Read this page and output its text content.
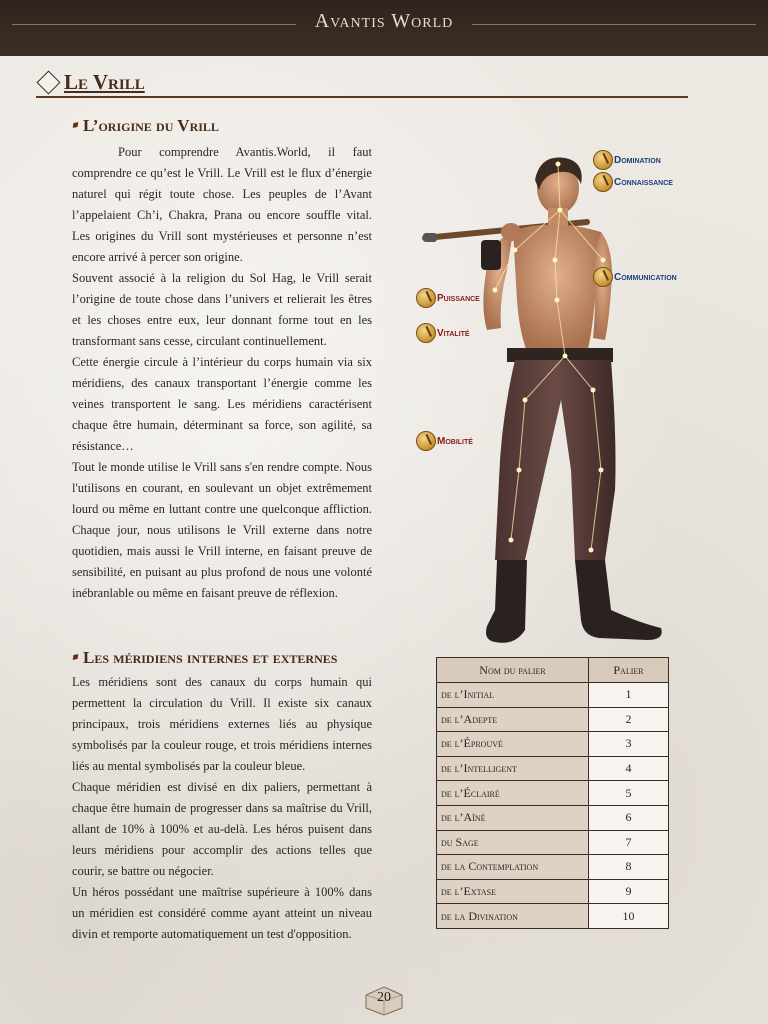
Avantis World
Le Vrill
L’origine du Vrill

Pour comprendre Avantis.World, il faut comprendre ce qu’est le Vrill. Le Vrill est le flux d’énergie naturel qui régit toute chose. Les peuples de l’Avant l’appelaient Ch’i, Chakra, Prana ou encore souffle vital. Les origines du Vrill sont mystérieuses et personne n’est encore arrivé à percer son origine.

Souvent associé à la religion du Sol Hag, le Vrill serait l’origine de toute chose dans l’univers et relierait les êtres et les choses entre eux, leur donnant forme tout en les transformant sans cesse, circulant continuellement.

Cette énergie circule à l’intérieur du corps humain via six méridiens, des canaux transportant l’énergie comme les veines transportent le sang. Les méridiens caractérisent chaque être humain, déterminant sa force, son agilité, sa résistance…

Tout le monde utilise le Vrill sans s'en rendre compte. Nous l'utilisons en courant, en soulevant un objet extrêmement lourd ou même en luttant contre une quelconque affliction. Chaque jour, nous utilisons le Vrill externe dans notre quotidien, mais aussi le Vrill interne, en faisant preuve de sensibilité, en puisant au plus profond de nous une volonté inébranlable ou même en faisant preuve de réflexion.

Les méridiens internes et externes

Les méridiens sont des canaux du corps humain qui permettent la circulation du Vrill. Il existe six canaux principaux, trois méridiens externes liés au physique symbolisés par la couleur rouge, et trois méridiens internes liés au mental symbolisés par la couleur bleue.

Chaque méridien est divisé en dix paliers, permettant à chaque être humain de progresser dans sa maîtrise du Vrill, allant de 10% à 100% et au-delà. Les héros puisent dans leurs méridiens pour accomplir des actions telles que courir, se battre ou négocier.

Un héros possédant une maîtrise supérieure à 100% dans un méridien est considéré comme ayant atteint un niveau divin et remporte automatiquement un test d'opposition.

Domination
Connaissance
Communication
Puissance
Vitalité
Mobilité
Nom du palier	Palier
de l’Initial	1
de l’Adepte	2
de l’Éprouvé	3
de l’Intelligent	4
de l’Éclairé	5
de l’Aîné	6
du Sage	7
de la Contemplation	8
de l’Extase	9
de la Divination	10
20
